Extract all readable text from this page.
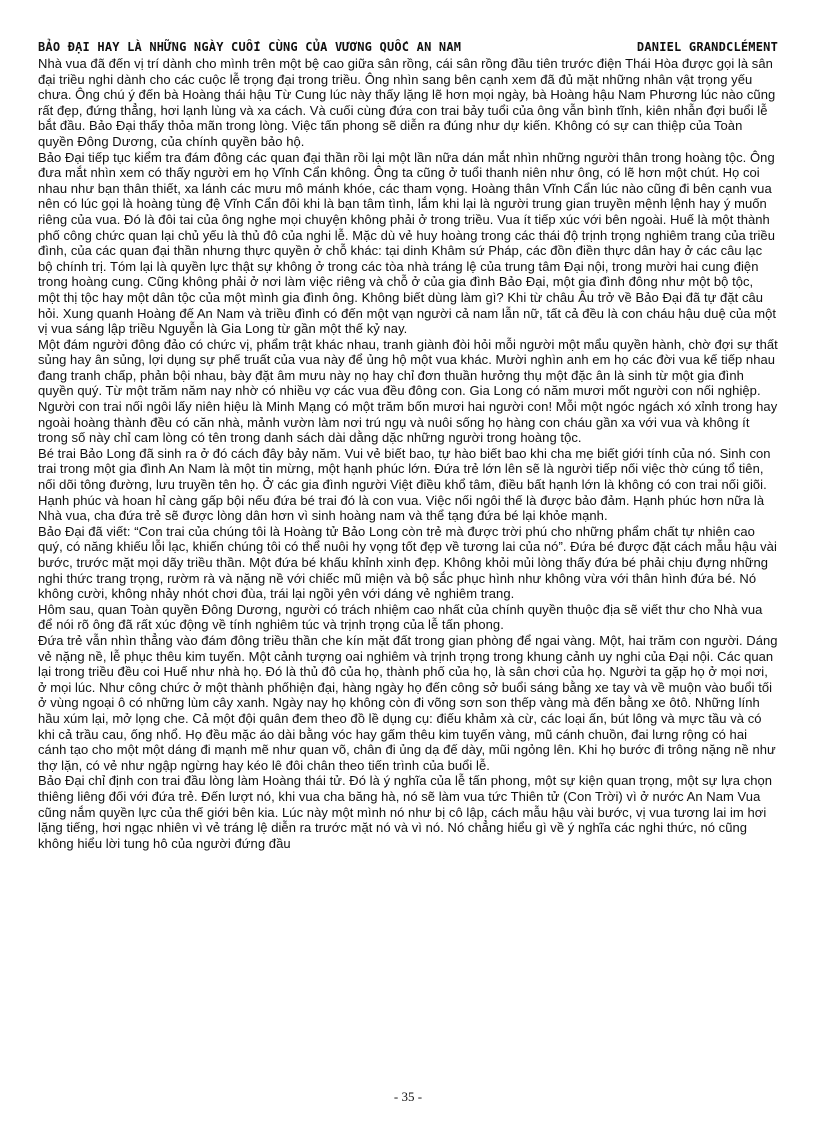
BẢO ĐẠI HAY LÀ NHỮNG NGÀY CUỐI CÙNG CỦA VƯƠNG QUỐC AN NAM	DANIEL GRANDCLÉMENT

Nhà vua đã đến vị trí dành cho mình trên một bệ cao giữa sân rồng, cái sân rồng đầu tiên trước điện Thái Hòa được gọi là sân đại triều nghi dành cho các cuộc lễ trọng đại trong triều. Ông nhìn sang bên cạnh xem đã đủ mặt những nhân vật trọng yếu chưa. Ông chú ý đến bà Hoàng thái hậu Từ Cung lúc này thấy lặng lẽ hơn mọi ngày, bà Hoàng hậu Nam Phương lúc nào cũng rất đẹp, đứng thẳng, hơi lạnh lùng và xa cách. Và cuối cùng đứa con trai bảy tuổi của ông vẫn bình tĩnh, kiên nhẫn đợi buổi lễ bắt đầu. Bảo Đại thấy thỏa mãn trong lòng. Việc tấn phong sẽ diễn ra đúng như dự kiến. Không có sự can thiệp của Toàn quyền Đông Dương, của chính quyền bảo hộ.

Bảo Đại tiếp tục kiểm tra đám đông các quan đại thần rồi lại một lần nữa dán mắt nhìn những người thân trong hoàng tộc. Ông đưa mắt nhìn xem có thấy người em họ Vĩnh Cẩn không. Ông ta cũng ở tuổi thanh niên như ông, có lẽ hơn một chút. Họ coi nhau như bạn thân thiết, xa lánh các mưu mô mánh khóe, các tham vọng. Hoàng thân Vĩnh Cẩn lúc nào cũng đi bên cạnh vua nên có lúc gọi là hoàng tùng đệ Vĩnh Cẩn đôi khi là bạn tâm tình, lắm khi lại là người trung gian truyền mệnh lệnh hay ý muốn riêng của vua. Đó là đôi tai của ông nghe mọi chuyện không phải ở trong triều. Vua ít tiếp xúc với bên ngoài. Huế là một thành phố công chức quan lại chủ yếu là thủ đô của nghi lễ. Mặc dù vẻ huy hoàng trong các thái độ trịnh trọng nghiêm trang của triều đình, của các quan đại thần nhưng thực quyền ở chỗ khác: tại dinh Khâm sứ Pháp, các đồn điền thực dân hay ở các câu lạc bộ chính trị. Tóm lại là quyền lực thật sự không ở trong các tòa nhà tráng lệ của trung tâm Đại nội, trong mười hai cung điện trong hoàng cung. Cũng không phải ở nơi làm việc riêng và chỗ ở của gia đình Bảo Đại, một gia đình đông như một bộ tộc, một thị tộc hay một dân tộc của một mình gia đình ông. Không biết dùng làm gì? Khi từ châu Âu trở về Bảo Đại đã tự đặt câu hỏi. Xung quanh Hoàng đế An Nam và triều đình có đến một vạn người cả nam lẫn nữ, tất cả đều là con cháu hậu duệ của một vị vua sáng lập triều Nguyễn là Gia Long từ gần một thế kỷ nay.

Một đám người đông đảo có chức vị, phẩm trật khác nhau, tranh giành đòi hỏi mỗi người một mẩu quyền hành, chờ đợi sự thất sủng hay ân sủng, lợi dụng sự phế truất của vua này để ủng hộ một vua khác. Mười nghìn anh em họ các đời vua kế tiếp nhau đang tranh chấp, phản bội nhau, bày đặt âm mưu này nọ hay chỉ đơn thuần hưởng thụ một đặc ân là sinh từ một gia đình quyền quý. Từ một trăm năm nay nhờ có nhiều vợ các vua đều đông con. Gia Long có năm mươi mốt người con nối nghiệp. Người con trai nối ngôi lấy niên hiệu là Minh Mạng có một trăm bốn mươi hai người con! Mỗi một ngóc ngách xó xỉnh trong hay ngoài hoàng thành đều có căn nhà, mảnh vườn làm nơi trú ngụ và nuôi sống họ hàng con cháu gần xa với vua và không ít trong số này chỉ cam lòng có tên trong danh sách dài dằng dặc những người trong hoàng tộc.

Bé trai Bảo Long đã sinh ra ở đó cách đây bảy năm. Vui vẻ biết bao, tự hào biết bao khi cha mẹ biết giới tính của nó. Sinh con trai trong một gia đình An Nam là một tin mừng, một hạnh phúc lớn. Đứa trẻ lớn lên sẽ là người tiếp nối việc thờ cúng tổ tiên, nối dõi tông đường, lưu truyền tên họ. Ở các gia đình người Việt điều khổ tâm, điều bất hạnh lớn là không có con trai nối giõi. Hạnh phúc và hoan hỉ càng gấp bội nếu đứa bé trai đó là con vua. Việc nối ngôi thế là được bảo đảm. Hạnh phúc hơn nữa là Nhà vua, cha đứa trẻ sẽ được lòng dân hơn vì sinh hoàng nam và thể tạng đứa bé lại khỏe mạnh.

Bảo Đại đã viết: “Con trai của chúng tôi là Hoàng tử Bảo Long còn trẻ mà được trời phú cho những phẩm chất tự nhiên cao quý, có năng khiếu lỗi lạc, khiến chúng tôi có thể nuôi hy vọng tốt đẹp về tương lai của nó”. Đứa bé được đặt cách mẫu hậu vài bước, trước mặt mọi dãy triều thần. Một đứa bé khấu khỉnh xinh đẹp. Không khỏi mủi lòng thấy đứa bé phải chịu đựng những nghi thức trang trọng, rườm rà và nặng nề với chiếc mũ miện và bộ sắc phục hình như không vừa với thân hình đứa bé. Nó không cười, không nhảy nhót chơi đùa, trái lại ngồi yên với dáng vẻ nghiêm trang.

Hôm sau, quan Toàn quyền Đông Dương, người có trách nhiệm cao nhất của chính quyền thuộc địa sẽ viết thư cho Nhà vua để nói rõ ông đã rất xúc động về tính nghiêm túc và trịnh trọng của lễ tấn phong.

Đứa trẻ vẫn nhìn thẳng vào đám đông triều thần che kín mặt đất trong gian phòng để ngai vàng. Một, hai trăm con người. Dáng vẻ nặng nề, lễ phục thêu kim tuyến. Một cảnh tượng oai nghiêm và trịnh trọng trong khung cảnh uy nghi của Đại nội. Các quan lại trong triều đều coi Huế như nhà họ. Đó là thủ đô của họ, thành phố của họ, là sân chơi của họ. Người ta gặp họ ở mọi nơi, ở mọi lúc. Như công chức ở một thành phốhiện đại, hàng ngày họ đến công sở buổi sáng bằng xe tay và về muộn vào buổi tối ở vùng ngoại ô có những lùm cây xanh. Ngày nay họ không còn đi võng sơn son thếp vàng mà đến bằng xe ôtô. Những lính hầu xúm lại, mở lọng che. Cả một đội quân đem theo đồ lề dụng cụ: điếu khảm xà cừ, các loại ấn, bút lông và mực tầu và có khi cả trầu cau, ống nhổ. Họ đều mặc áo dài bằng vóc hay gấm thêu kim tuyến vàng, mũ cánh chuồn, đai lưng rộng có hai cánh tạo cho một một dáng đi mạnh mẽ như quan võ, chân đi ủng dạ đế dày, mũi ngỏng lên. Khi họ bước đi trông nặng nề như thợ lặn, có vẻ như ngập ngừng hay kéo lê đôi chân theo tiến trình của buổi lễ.

Bảo Đại chỉ định con trai đầu lòng làm Hoàng thái tử. Đó là ý nghĩa của lễ tấn phong, một sự kiện quan trọng, một sự lựa chọn thiêng liêng đối với đứa trẻ. Đến lượt nó, khi vua cha băng hà, nó sẽ làm vua tức Thiên tử (Con Trời) vì ở nước An Nam Vua cũng nắm quyền lực của thế giới bên kia. Lúc này một mình nó như bị cô lập, cách mẫu hậu vài bước, vị vua tương lai im hơi lặng tiếng, hơi ngạc nhiên vì vẻ tráng lệ diễn ra trước mặt nó và vì nó. Nó chẳng hiểu gì về ý nghĩa các nghi thức, nó cũng không hiểu lời tung hô của người đứng đầu

- 35 -
